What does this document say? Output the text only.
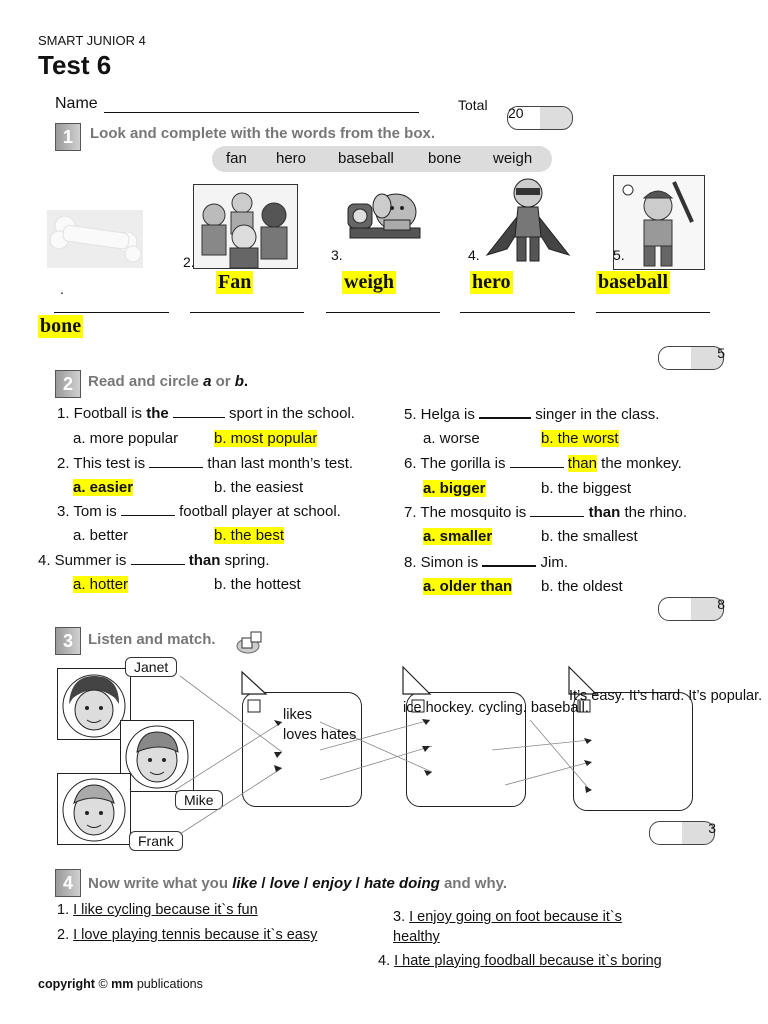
SMART JUNIOR 4
Test 6
Name	Total 20
1	Look and complete with the words from the box.
fan hero baseball bone weigh
2.	3.	4.	5.
.	Fan	weigh	hero	baseball
bone
5
2	Read and circle a or b.
1. Football is the	sport in the school.
a. more popular b. most popular
2. This test is	than last month’s test.
a. easier	b. the easiest
3. Tom is	football player at school.
a. better	b. the best
4. Summer is	than spring.
a. hotter	b. the hottest
5. Helga is	singer in the class.
a. worse	b. the worst
6. The gorilla is	than the monkey.
a. bigger	b. the biggest
7. The mosquito is	than the rhino.
a. smaller	b. the smallest
8. Simon is	Jim.
a. older than b. the oldest
8
3	Listen and match.
Janet
Mike
Frank
likes
loves hates
ice hockey. cycling. baseball.
It’s easy. It’s hard. It’s popular.
3
4	Now write what you like / love / enjoy / hate doing and why.
1. I like cycling because it`s fun
2. I love playing tennis because it`s easy
3. I enjoy going on foot because it`s
healthy
4. I hate playing foodball because it`s boring
copyright © mm publications
